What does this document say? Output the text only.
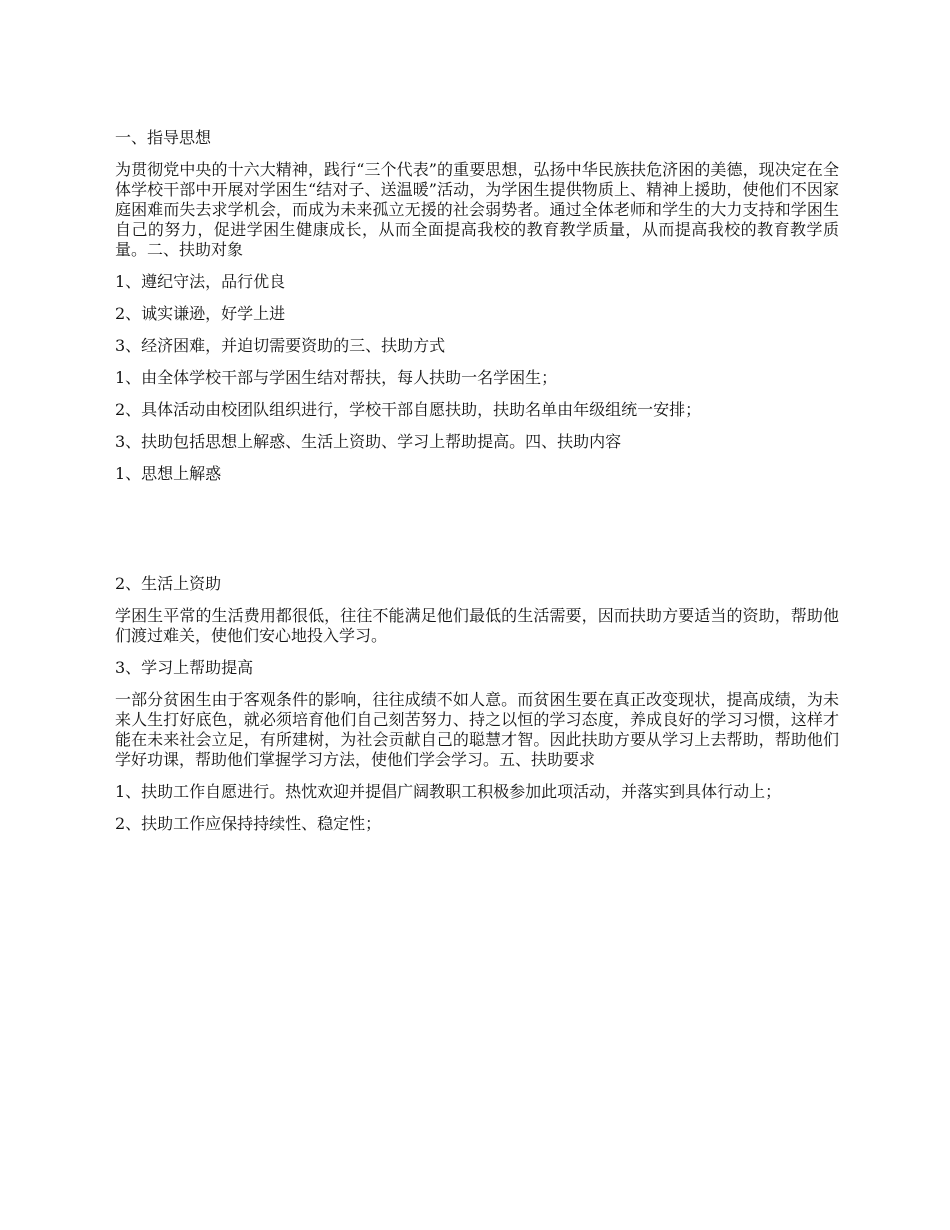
一、指导思想

为贯彻党中央的十六大精神，践行“三个代表”的重要思想，弘扬中华民族扶危济困的美德，现决定在全体学校干部中开展对学困生“结对子、送温暖”活动，为学困生提供物质上、精神上援助，使他们不因家庭困难而失去求学机会，而成为未来孤立无援的社会弱势者。通过全体老师和学生的大力支持和学困生自己的努力，促进学困生健康成长，从而全面提高我校的教育教学质量，从而提高我校的教育教学质量。二、扶助对象

1、遵纪守法，品行优良

2、诚实谦逊，好学上进

3、经济困难，并迫切需要资助的三、扶助方式

1、由全体学校干部与学困生结对帮扶，每人扶助一名学困生；

2、具体活动由校团队组织进行，学校干部自愿扶助，扶助名单由年级组统一安排；

3、扶助包括思想上解惑、生活上资助、学习上帮助提高。四、扶助内容

1、思想上解惑

2、生活上资助

学困生平常的生活费用都很低，往往不能满足他们最低的生活需要，因而扶助方要适当的资助，帮助他们渡过难关，使他们安心地投入学习。

3、学习上帮助提高

一部分贫困生由于客观条件的影响，往往成绩不如人意。而贫困生要在真正改变现状，提高成绩，为未来人生打好底色，就必须培育他们自己刻苦努力、持之以恒的学习态度，养成良好的学习习惯，这样才能在未来社会立足，有所建树，为社会贡献自己的聪慧才智。因此扶助方要从学习上去帮助，帮助他们学好功课，帮助他们掌握学习方法，使他们学会学习。五、扶助要求

1、扶助工作自愿进行。热忱欢迎并提倡广阔教职工积极参加此项活动，并落实到具体行动上；

2、扶助工作应保持持续性、稳定性；
